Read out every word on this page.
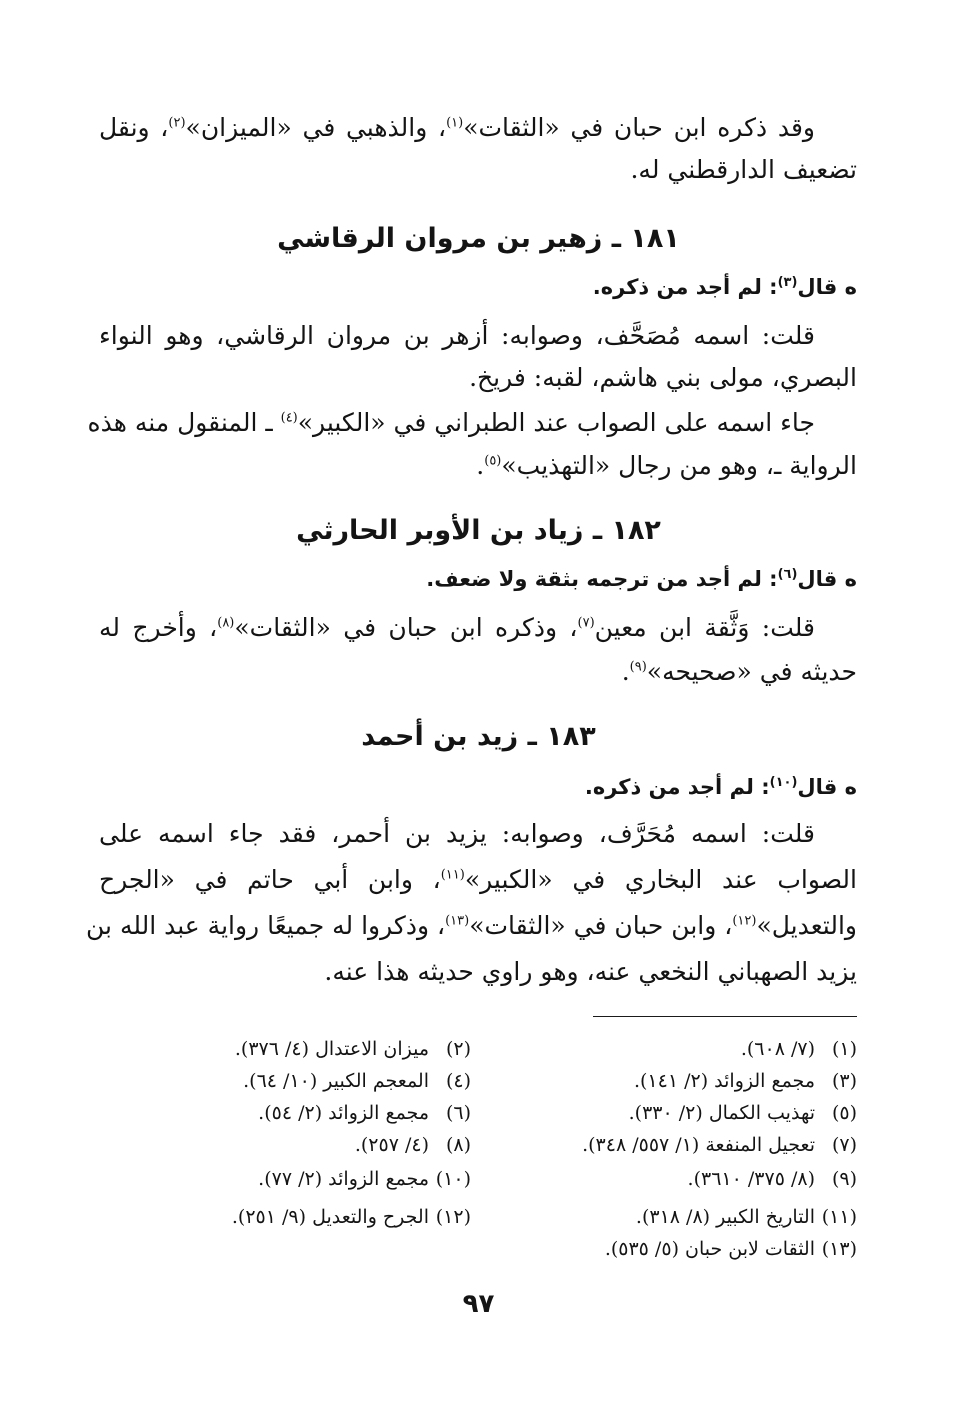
وقد ذكره ابن حبان في «الثقات»$^{(١)}$، والذهبي في «الميزان»$^{(٢)}$، ونقل
تضعيف الدارقطني له.
١٨١ ـ زهير بن مروان الرقاشي
ه قال$^{(٣)}$: لم أجد من ذكره.
قلت: اسمه مُصَحَّف، وصوابه: أزهر بن مروان الرقاشي، وهو النواء
البصري، مولى بني هاشم، لقبه: فريخ.
جاء اسمه على الصواب عند الطبراني في «الكبير»$^{(٤)}$ ـ المنقول منه هذه
الرواية ـ، وهو من رجال «التهذيب»$^{(٥)}$.
١٨٢ ـ زياد بن الأوبر الحارثي
ه قال$^{(٦)}$: لم أجد من ترجمه بثقة ولا ضعف.
قلت: وَثَّقة ابن معين$^{(٧)}$، وذكره ابن حبان في «الثقات»$^{(٨)}$، وأخرج له
حديثه في «صحيحه»$^{(٩)}$.
١٨٣ ـ زيد بن أحمد
ه قال$^{(١٠)}$: لم أجد من ذكره.
قلت: اسمه مُحَرَّف، وصوابه: يزيد بن أحمر، فقد جاء اسمه على
الصواب عند البخاري في «الكبير»$^{(١١)}$، وابن أبي حاتم في «الجرح
والتعديل»$^{(١٢)}$، وابن حبان في «الثقات»$^{(١٣)}$، وذكروا له جميعًا رواية عبد الله بن
يزيد الصهباني النخعي عنه، وهو راوي حديثه هذا عنه.
(١)(٧/ ٦٠٨).
(٣)مجمع الزوائد (٢/ ١٤١).
(٥)تهذيب الكمال (٢/ ٣٣٠).
(٧)تعجيل المنفعة (١/ ٥٥٧/ ٣٤٨).
(٩)(٨/ ٣٧٥/ ٣٦١٠).
(١١)التاريخ الكبير (٨/ ٣١٨).
(١٣)الثقات لابن حبان (٥/ ٥٣٥).
(٢)ميزان الاعتدال (٤/ ٣٧٦).
(٤)المعجم الكبير (١٠/ ٦٤).
(٦)مجمع الزوائد (٢/ ٥٤).
(٨)(٤/ ٢٥٧).
(١٠)مجمع الزوائد (٢/ ٧٧).
(١٢)الجرح والتعديل (٩/ ٢٥١).
٩٧
